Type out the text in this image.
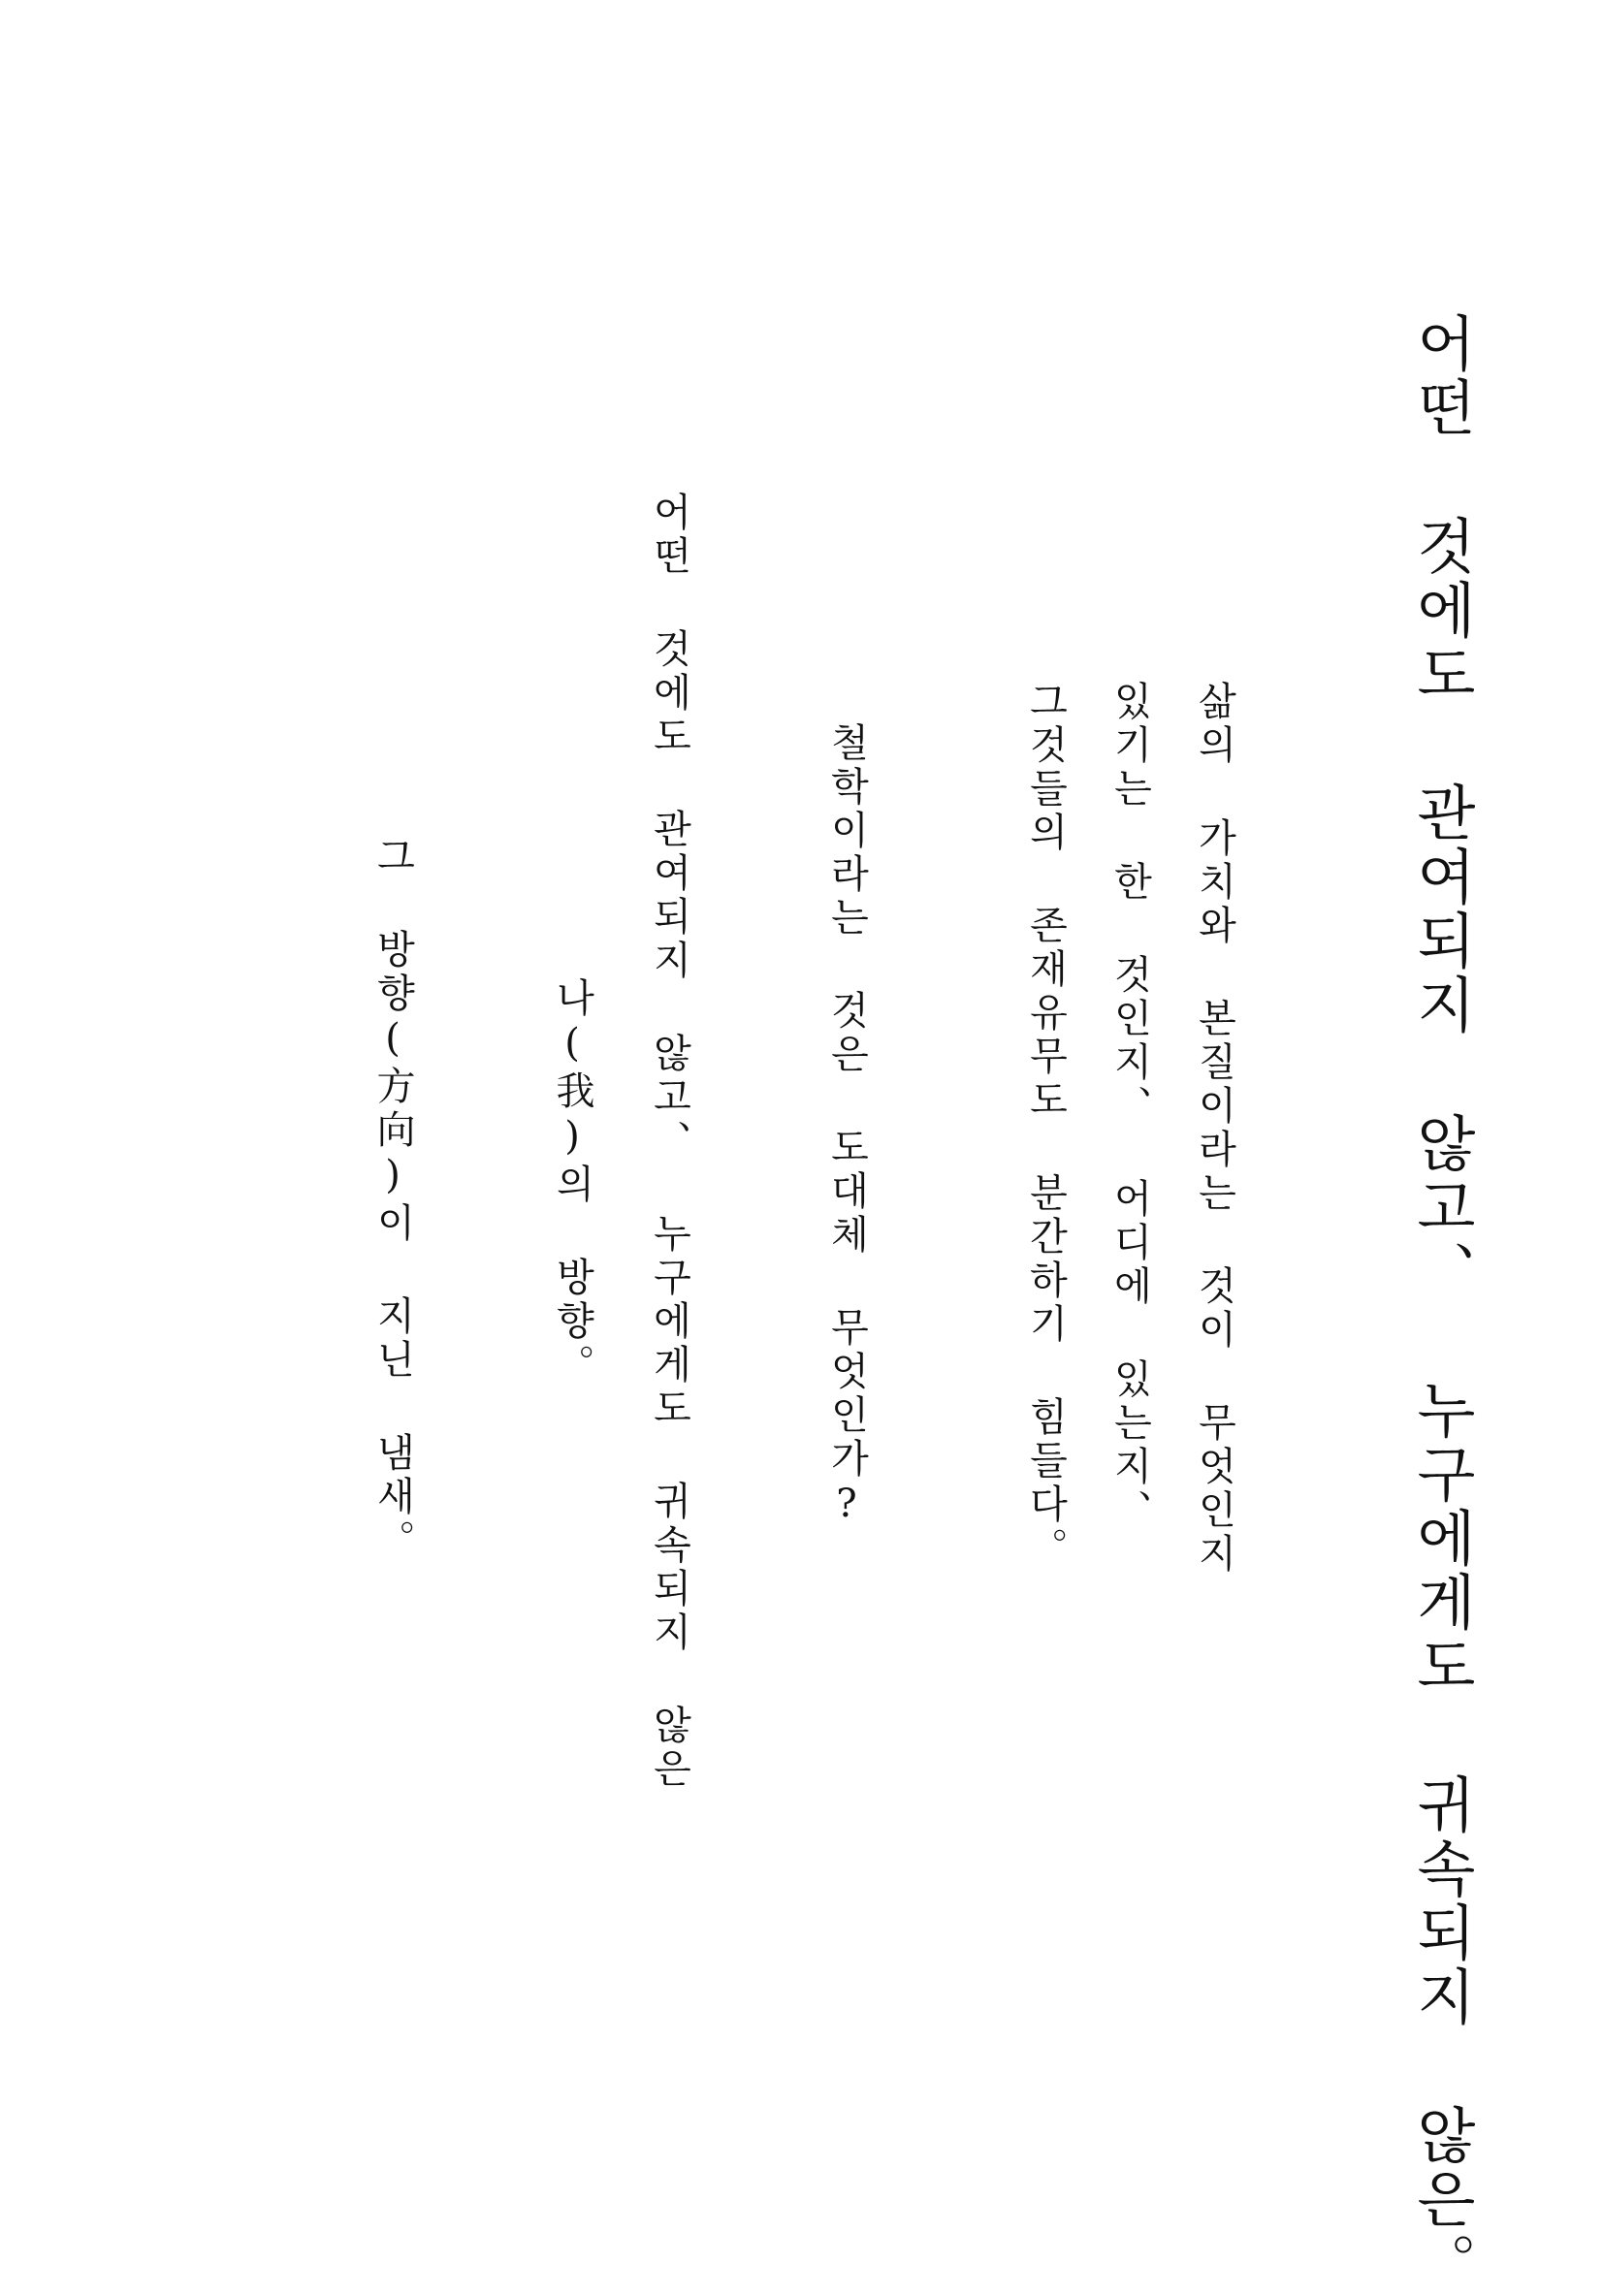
어떤 것에도 관여되지 않고、 누구에게도 귀속되지 않은。
삶의 가치와 본질이라는 것이 무엇인지
있기는 한 것인지、 어디에 있는지、
그것들의 존재유무도 분간하기 힘들다。
철학이라는 것은 도대체 무엇인가?
어떤 것에도 관여되지 않고、 누구에게도 귀속되지 않은
나(我)의 방향。
그 방향(方向)이 지닌 냄새。
